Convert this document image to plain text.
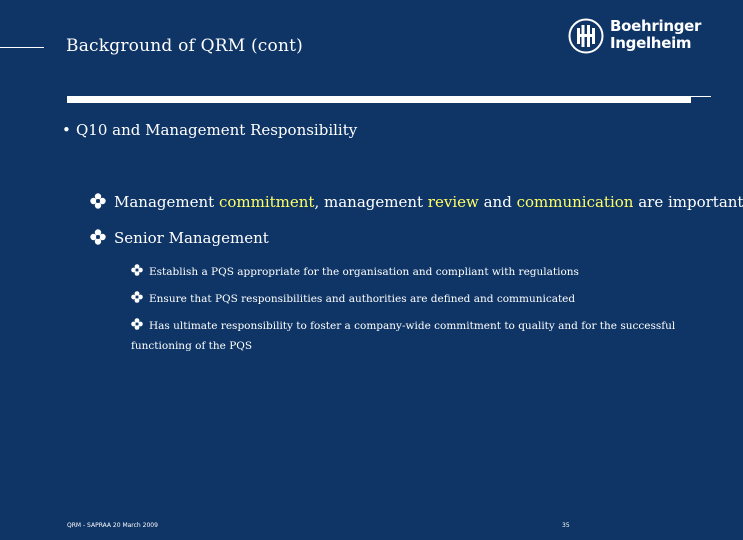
Background of QRM (cont)
Boehringer
Ingelheim
• Q10 and Management Responsibility
Management commitment, management review and communication are important
Senior Management
Establish a PQS appropriate for the organisation and compliant with regulations
Ensure that PQS responsibilities and authorities are defined and communicated
Has ultimate responsibility to foster a company-wide commitment to quality and for the successful functioning of the PQS
QRM - SAPRAA 20 March 2009	35
